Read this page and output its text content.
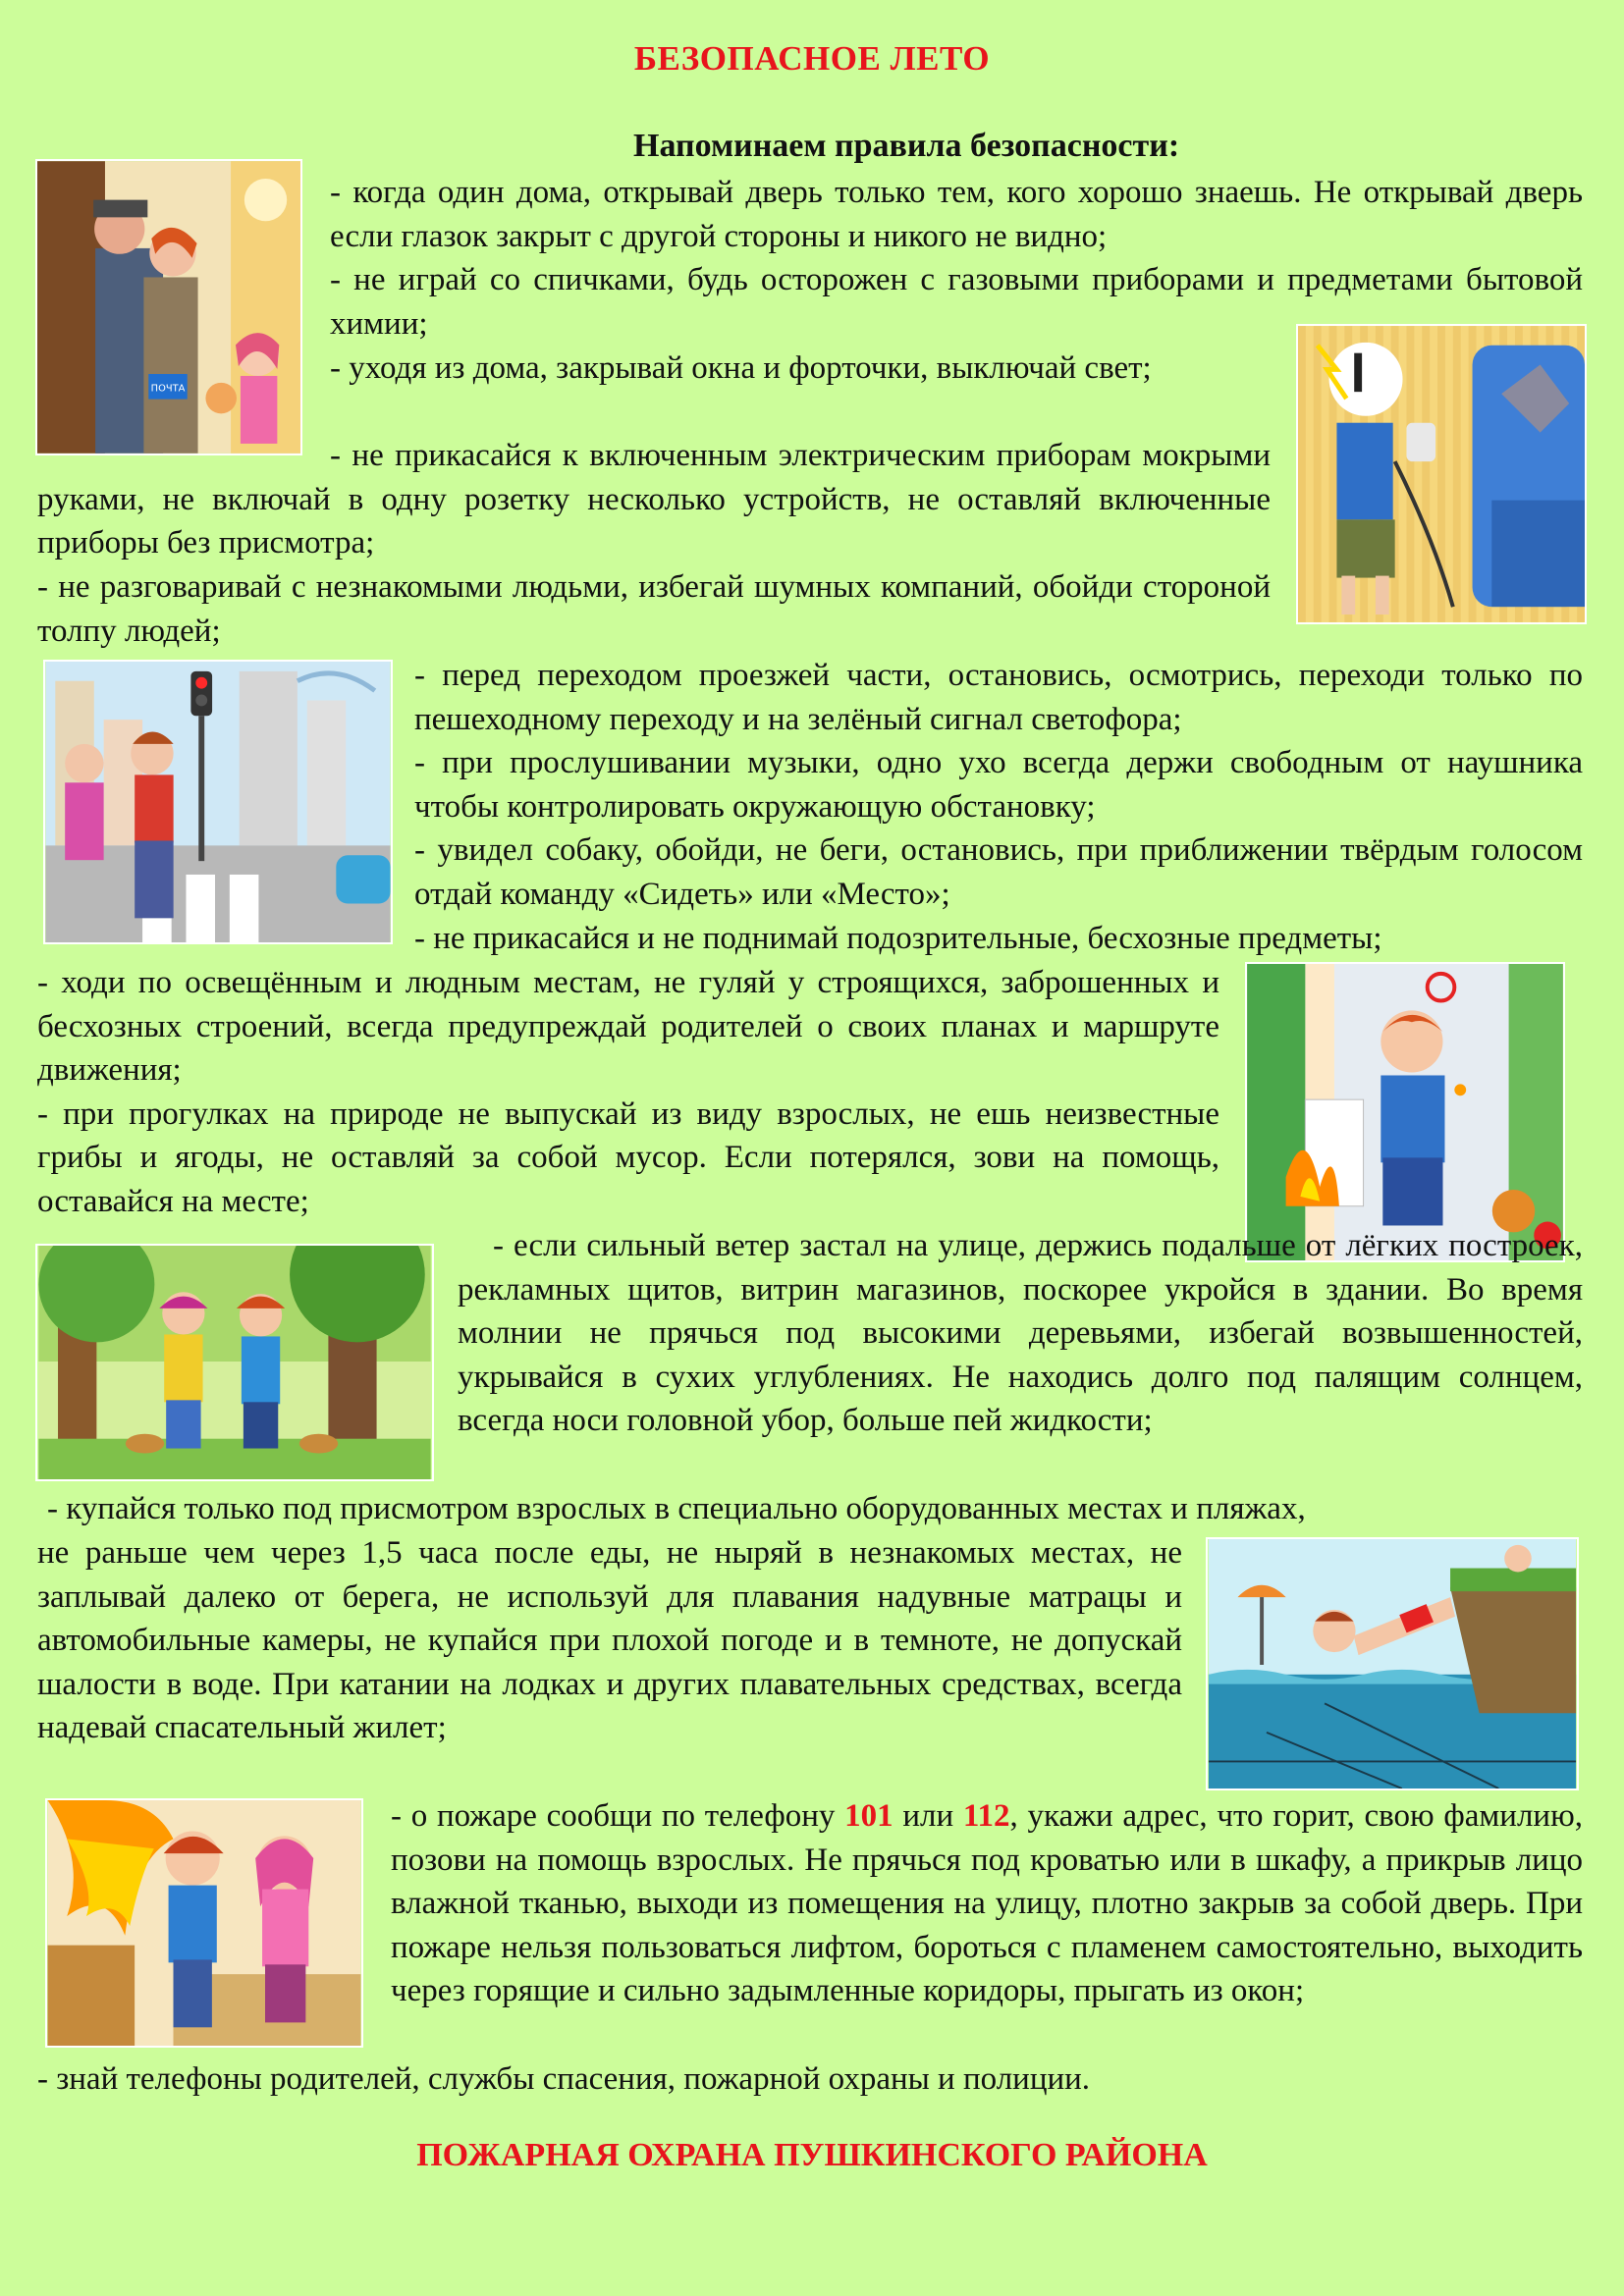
БЕЗОПАСНОЕ ЛЕТО
Напоминаем правила безопасности:
ПОЧТА

- когда один дома, открывай дверь только тем, кого хорошо знаешь. Не открывай дверь если глазок закрыт с другой стороны и никого не видно;

- не играй со спичками, будь осторожен с газовыми приборами и предметами бытовой химии;

- уходя из дома, закрывай окна и форточки, выключай свет;

- не прикасайся к включенным электрическим приборам мокрыми руками, не включай в одну розетку несколько устройств, не оставляй включенные приборы без присмотра;

- не разговаривай с незнакомыми людьми, избегай шумных компаний, обойди стороной толпу людей;

- перед переходом проезжей части, остановись, осмотрись, переходи только по пешеходному переходу и на зелёный сигнал светофора;

- при прослушивании музыки, одно ухо всегда держи свободным от наушника чтобы контролировать окружающую обстановку;

- увидел собаку, обойди, не беги, остановись, при приближении твёрдым голосом отдай команду «Сидеть» или «Место»;

- не прикасайся и не поднимай подозрительные, бесхозные предметы;

- ходи по освещённым и людным местам, не гуляй у строящихся, заброшенных и бесхозных строений, всегда предупреждай родителей о своих планах и маршруте движения;

- при прогулках на природе не выпускай из виду взрослых, не ешь неизвестные грибы и ягоды, не оставляй за собой мусор. Если потерялся, зови на помощь, оставайся на месте;

- если сильный ветер застал на улице, держись подальше от лёгких построек, рекламных щитов, витрин магазинов, поскорее укройся в здании. Во время молнии не прячься под высокими деревьями, избегай возвышенностей, укрывайся в сухих углублениях. Не находись долго под палящим солнцем, всегда носи головной убор, больше пей жидкости;

- купайся только под присмотром взрослых в специально оборудованных местах и пляжах,

не раньше чем через 1,5 часа после еды, не ныряй в незнакомых местах, не заплывай далеко от берега, не используй для плавания надувные матрацы и автомобильные камеры, не купайся при плохой погоде и в темноте, не допускай шалости в воде. При катании на лодках и других плавательных средствах, всегда надевай спасательный жилет;

- о пожаре сообщи по телефону 101 или 112, укажи адрес, что горит, свою фамилию, позови на помощь взрослых. Не прячься под кроватью или в шкафу, а прикрыв лицо влажной тканью, выходи из помещения на улицу, плотно закрыв за собой дверь. При пожаре нельзя пользоваться лифтом, бороться с пламенем самостоятельно, выходить через горящие и сильно задымленные коридоры, прыгать из окон;

- знай телефоны родителей, службы спасения, пожарной охраны и полиции.

ПОЖАРНАЯ ОХРАНА ПУШКИНСКОГО РАЙОНА
